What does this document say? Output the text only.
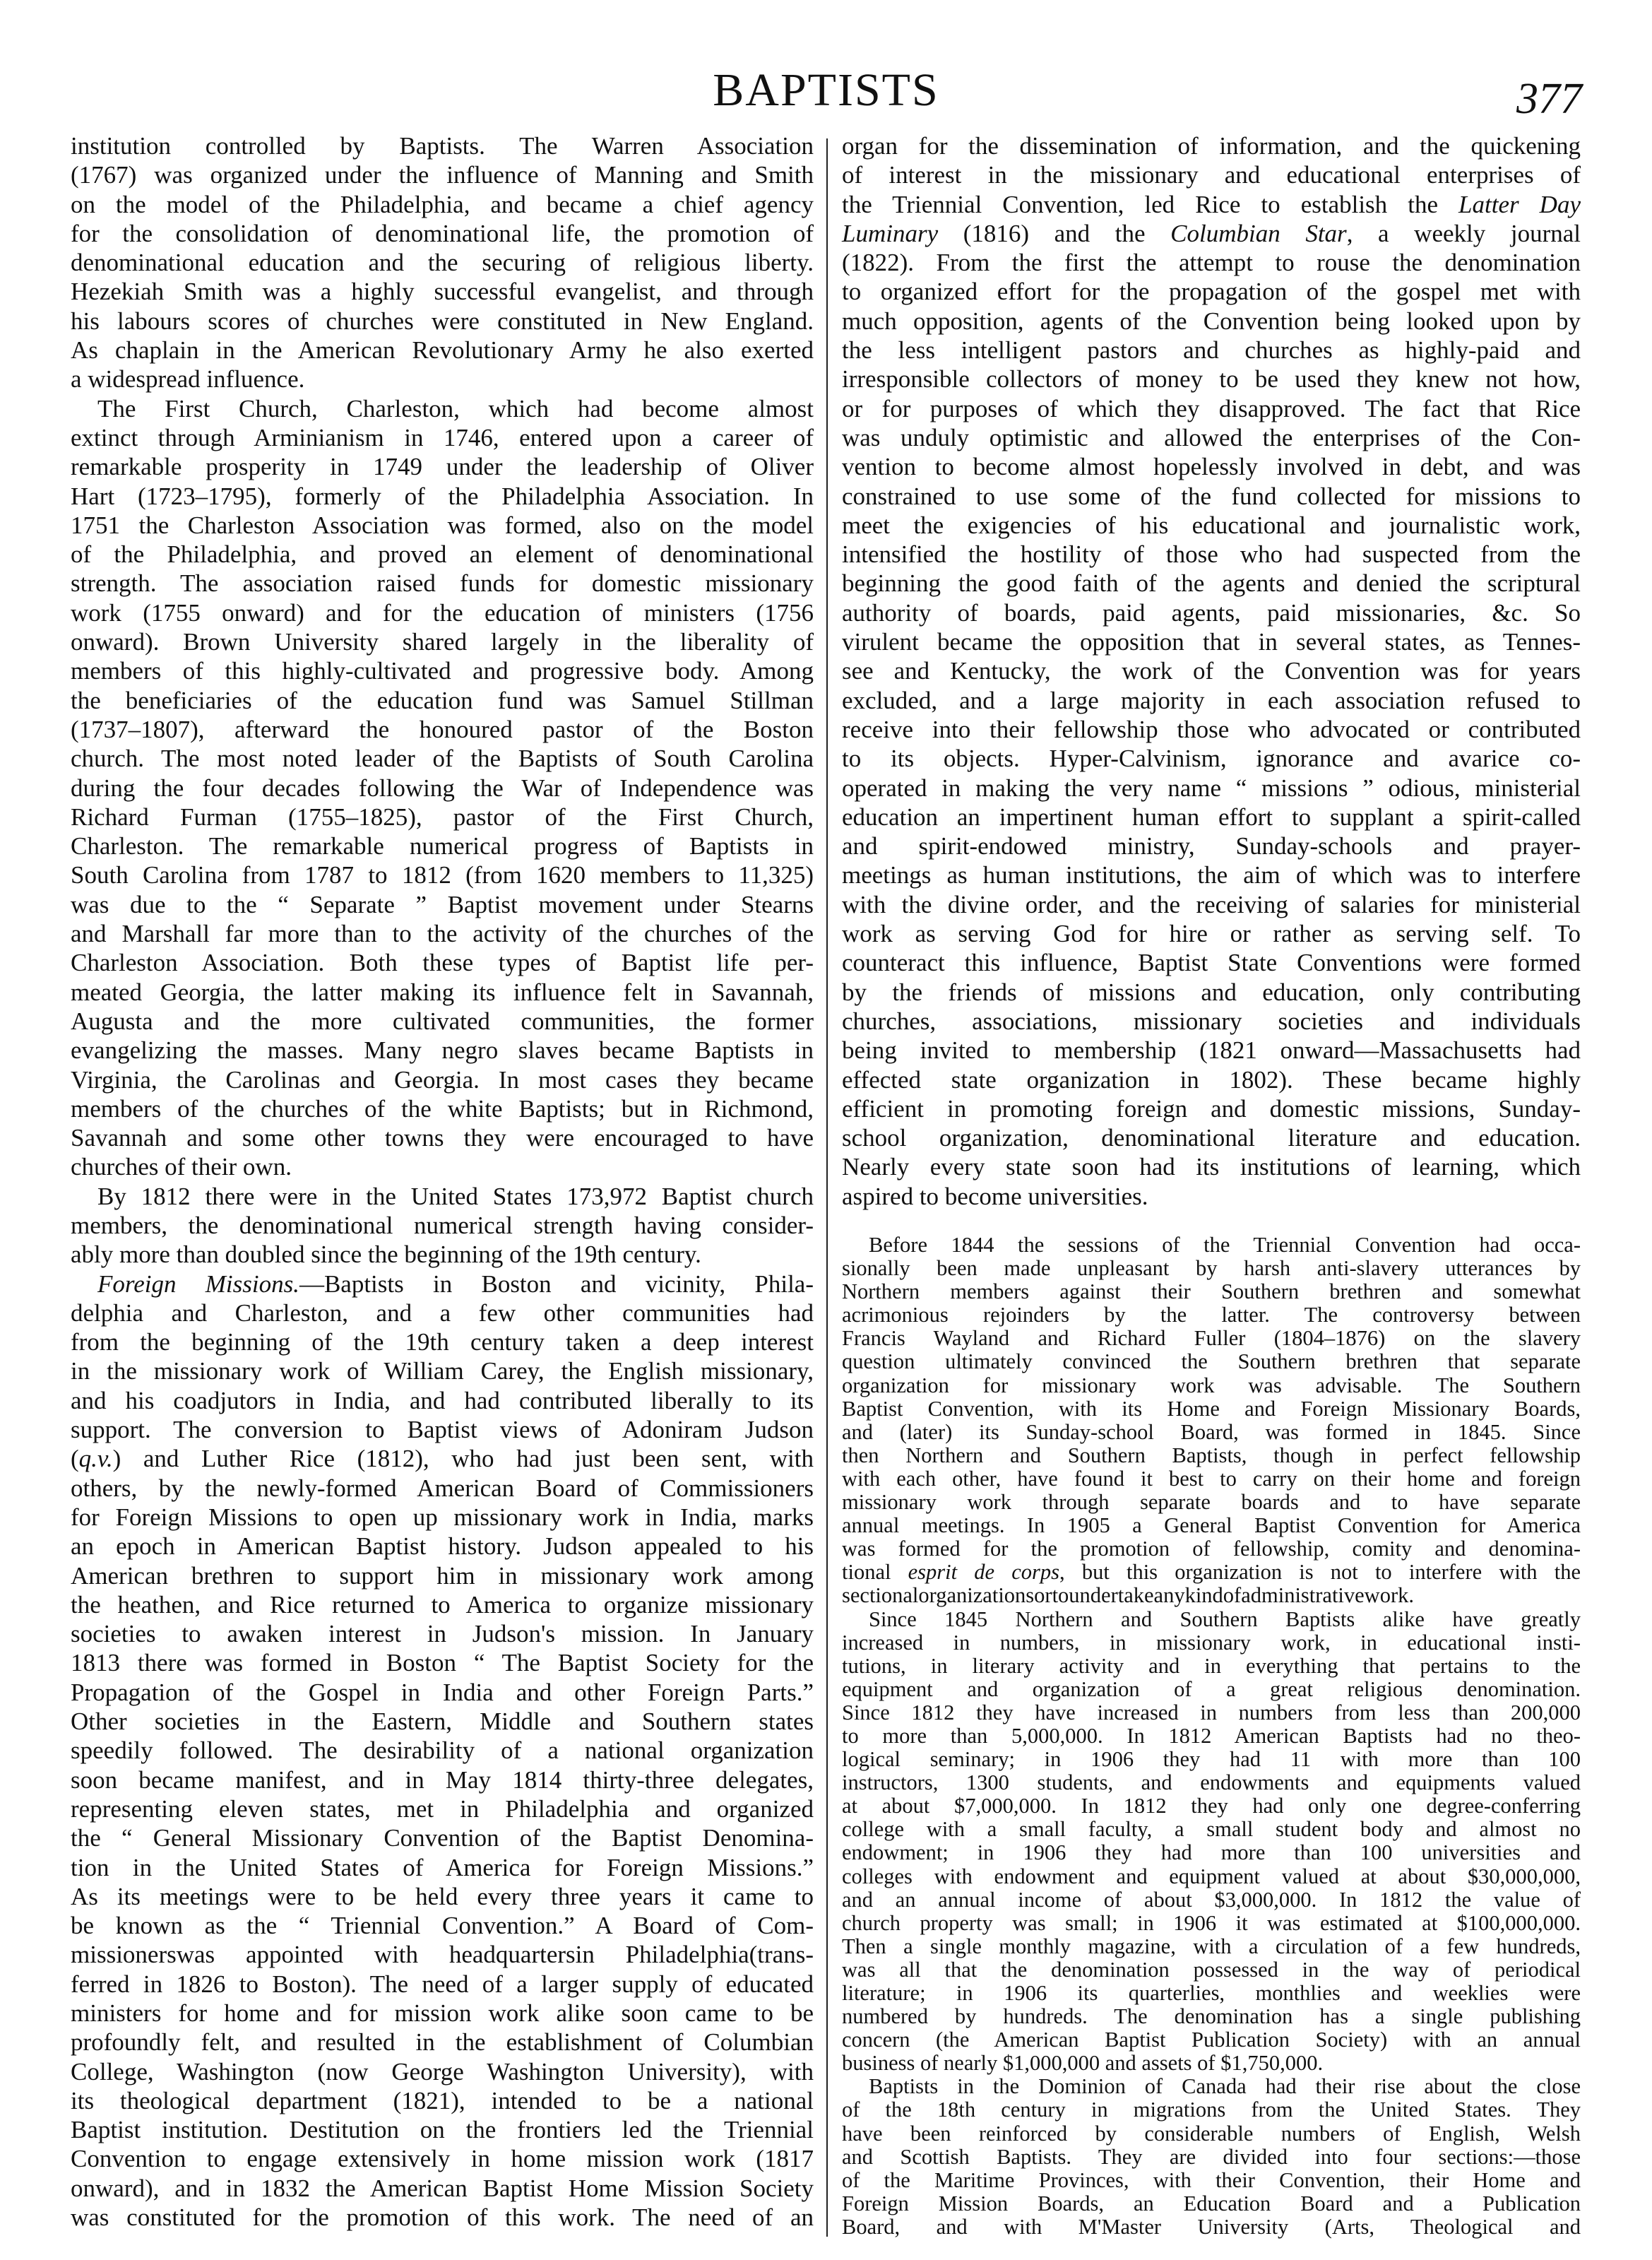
BAPTISTS	377
institution controlled by Baptists. The Warren Association
(1767) was organized under the influence of Manning and Smith
on the model of the Philadelphia, and became a chief agency
for the consolidation of denominational life, the promotion of
denominational education and the securing of religious liberty.
Hezekiah Smith was a highly successful evangelist, and through
his labours scores of churches were constituted in New England.
As chaplain in the American Revolutionary Army he also exerted
a widespread influence.
The First Church, Charleston, which had become almost
extinct through Arminianism in 1746, entered upon a career of
remarkable prosperity in 1749 under the leadership of Oliver
Hart (1723–1795), formerly of the Philadelphia Association. In
1751 the Charleston Association was formed, also on the model
of the Philadelphia, and proved an element of denominational
strength. The association raised funds for domestic missionary
work (1755 onward) and for the education of ministers (1756
onward). Brown University shared largely in the liberality of
members of this highly-cultivated and progressive body. Among
the beneficiaries of the education fund was Samuel Stillman
(1737–1807), afterward the honoured pastor of the Boston
church. The most noted leader of the Baptists of South Carolina
during the four decades following the War of Independence was
Richard Furman (1755–1825), pastor of the First Church,
Charleston. The remarkable numerical progress of Baptists in
South Carolina from 1787 to 1812 (from 1620 members to 11,325)
was due to the “ Separate ” Baptist movement under Stearns
and Marshall far more than to the activity of the churches of the
Charleston Association. Both these types of Baptist life per-
meated Georgia, the latter making its influence felt in Savannah,
Augusta and the more cultivated communities, the former
evangelizing the masses. Many negro slaves became Baptists in
Virginia, the Carolinas and Georgia. In most cases they became
members of the churches of the white Baptists; but in Richmond,
Savannah and some other towns they were encouraged to have
churches of their own.
By 1812 there were in the United States 173,972 Baptist church
members, the denominational numerical strength having consider-
ably more than doubled since the beginning of the 19th century.
Foreign Missions.—Baptists in Boston and vicinity, Phila-
delphia and Charleston, and a few other communities had
from the beginning of the 19th century taken a deep interest
in the missionary work of William Carey, the English missionary,
and his coadjutors in India, and had contributed liberally to its
support. The conversion to Baptist views of Adoniram Judson
(q.v.) and Luther Rice (1812), who had just been sent, with
others, by the newly-formed American Board of Commissioners
for Foreign Missions to open up missionary work in India, marks
an epoch in American Baptist history. Judson appealed to his
American brethren to support him in missionary work among
the heathen, and Rice returned to America to organize missionary
societies to awaken interest in Judson's mission. In January
1813 there was formed in Boston “ The Baptist Society for the
Propagation of the Gospel in India and other Foreign Parts.”
Other societies in the Eastern, Middle and Southern states
speedily followed. The desirability of a national organization
soon became manifest, and in May 1814 thirty-three delegates,
representing eleven states, met in Philadelphia and organized
the “ General Missionary Convention of the Baptist Denomina-
tion in the United States of America for Foreign Missions.”
As its meetings were to be held every three years it came to
be known as the “ Triennial Convention.” A Board of Com-
missionerswas appointed with headquartersin Philadelphia(trans-
ferred in 1826 to Boston). The need of a larger supply of educated
ministers for home and for mission work alike soon came to be
profoundly felt, and resulted in the establishment of Columbian
College, Washington (now George Washington University), with
its theological department (1821), intended to be a national
Baptist institution. Destitution on the frontiers led the Triennial
Convention to engage extensively in home mission work (1817
onward), and in 1832 the American Baptist Home Mission Society
was constituted for the promotion of this work. The need of an
organ for the dissemination of information, and the quickening
of interest in the missionary and educational enterprises of
the Triennial Convention, led Rice to establish the Latter Day
Luminary (1816) and the Columbian Star, a weekly journal
(1822). From the first the attempt to rouse the denomination
to organized effort for the propagation of the gospel met with
much opposition, agents of the Convention being looked upon by
the less intelligent pastors and churches as highly-paid and
irresponsible collectors of money to be used they knew not how,
or for purposes of which they disapproved. The fact that Rice
was unduly optimistic and allowed the enterprises of the Con-
vention to become almost hopelessly involved in debt, and was
constrained to use some of the fund collected for missions to
meet the exigencies of his educational and journalistic work,
intensified the hostility of those who had suspected from the
beginning the good faith of the agents and denied the scriptural
authority of boards, paid agents, paid missionaries, &c. So
virulent became the opposition that in several states, as Tennes-
see and Kentucky, the work of the Convention was for years
excluded, and a large majority in each association refused to
receive into their fellowship those who advocated or contributed
to its objects. Hyper-Calvinism, ignorance and avarice co-
operated in making the very name “ missions ” odious, ministerial
education an impertinent human effort to supplant a spirit-called
and spirit-endowed ministry, Sunday-schools and prayer-
meetings as human institutions, the aim of which was to interfere
with the divine order, and the receiving of salaries for ministerial
work as serving God for hire or rather as serving self. To
counteract this influence, Baptist State Conventions were formed
by the friends of missions and education, only contributing
churches, associations, missionary societies and individuals
being invited to membership (1821 onward—Massachusetts had
effected state organization in 1802). These became highly
efficient in promoting foreign and domestic missions, Sunday-
school organization, denominational literature and education.
Nearly every state soon had its institutions of learning, which
aspired to become universities.
Before 1844 the sessions of the Triennial Convention had occa-
sionally been made unpleasant by harsh anti-slavery utterances by
Northern members against their Southern brethren and somewhat
acrimonious rejoinders by the latter. The controversy between
Francis Wayland and Richard Fuller (1804–1876) on the slavery
question ultimately convinced the Southern brethren that separate
organization for missionary work was advisable. The Southern
Baptist Convention, with its Home and Foreign Missionary Boards,
and (later) its Sunday-school Board, was formed in 1845. Since
then Northern and Southern Baptists, though in perfect fellowship
with each other, have found it best to carry on their home and foreign
missionary work through separate boards and to have separate
annual meetings. In 1905 a General Baptist Convention for America
was formed for the promotion of fellowship, comity and denomina-
tional esprit de corps, but this organization is not to interfere with the
sectionalorganizationsortoundertakeanykindofadministrativework.
Since 1845 Northern and Southern Baptists alike have greatly
increased in numbers, in missionary work, in educational insti-
tutions, in literary activity and in everything that pertains to the
equipment and organization of a great religious denomination.
Since 1812 they have increased in numbers from less than 200,000
to more than 5,000,000. In 1812 American Baptists had no theo-
logical seminary; in 1906 they had 11 with more than 100
instructors, 1300 students, and endowments and equipments valued
at about $7,000,000. In 1812 they had only one degree-conferring
college with a small faculty, a small student body and almost no
endowment; in 1906 they had more than 100 universities and
colleges with endowment and equipment valued at about $30,000,000,
and an annual income of about $3,000,000. In 1812 the value of
church property was small; in 1906 it was estimated at $100,000,000.
Then a single monthly magazine, with a circulation of a few hundreds,
was all that the denomination possessed in the way of periodical
literature; in 1906 its quarterlies, monthlies and weeklies were
numbered by hundreds. The denomination has a single publishing
concern (the American Baptist Publication Society) with an annual
business of nearly $1,000,000 and assets of $1,750,000.
Baptists in the Dominion of Canada had their rise about the close
of the 18th century in migrations from the United States. They
have been reinforced by considerable numbers of English, Welsh
and Scottish Baptists. They are divided into four sections:—those
of the Maritime Provinces, with their Convention, their Home and
Foreign Mission Boards, an Education Board and a Publication
Board, and with M'Master University (Arts, Theological and
